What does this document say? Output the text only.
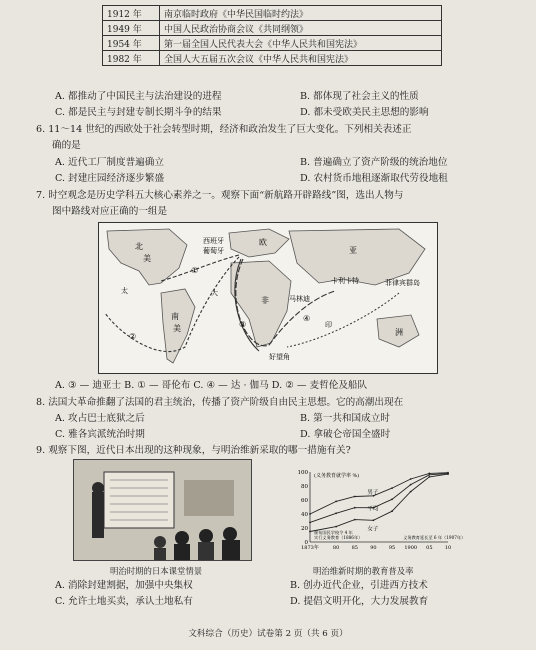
1912 年	南京临时政府《中华民国临时约法》
1949 年	中国人民政治协商会议《共同纲领》
1954 年	第一届全国人民代表大会《中华人民共和国宪法》
1982 年	全国人大五届五次会议《中华人民共和国宪法》
A. 都推动了中国民主与法治建设的进程	B. 都体现了社会主义的性质
C. 都是民主与封建专制长期斗争的结果	D. 都未受欧美民主思想的影响
6. 11～14 世纪的西欧处于社会转型时期，经济和政治发生了巨大变化。下列相关表述正
确的是
A. 近代工厂制度普遍确立	B. 普遍确立了资产阶级的统治地位
C. 封建庄园经济逐步繁盛	D. 农村货币地租逐渐取代劳役地租
7. 时空观念是历史学科五大核心素养之一。观察下面“新航路开辟路线”图，选出人物与
图中路线对应正确的一组是
西班牙
葡萄牙
好望角
马林迪
卡利卡特	菲律宾群岛
欧
亚
非
北
美
南
美	洲
①
②
③
④
大
太
印
A. ③ — 迪亚士 B. ① — 哥伦布 C. ④ — 达 · 伽马 D. ② — 麦哲伦及船队
8. 法国大革命推翻了法国的君主统治，传播了资产阶级自由民主思想。它的高潮出现在
A. 攻占巴士底狱之后	B. 第一共和国成立时
C. 雅各宾派统治时期	D. 拿破仑帝国全盛时
9. 观察下图，近代日本出现的这种现象，与明治维新采取的哪一措施有关?
明治时期的日本课堂情景
0
20
40
60
80
100
1873年	80 85 90 95 1900 05 10
(义务教育就学率 %)
男子
平均
女子
颁布国民学校令 4 年
实行义务教育（1886年）	义务教育延长至 6 年（1907年）
明治维新时期的教育普及率
A. 消除封建割据，加强中央集权	B. 创办近代企业，引进西方技术
C. 允许土地买卖，承认土地私有	D. 提倡文明开化，大力发展教育
文科综合（历史）试卷第 2 页（共 6 页）
